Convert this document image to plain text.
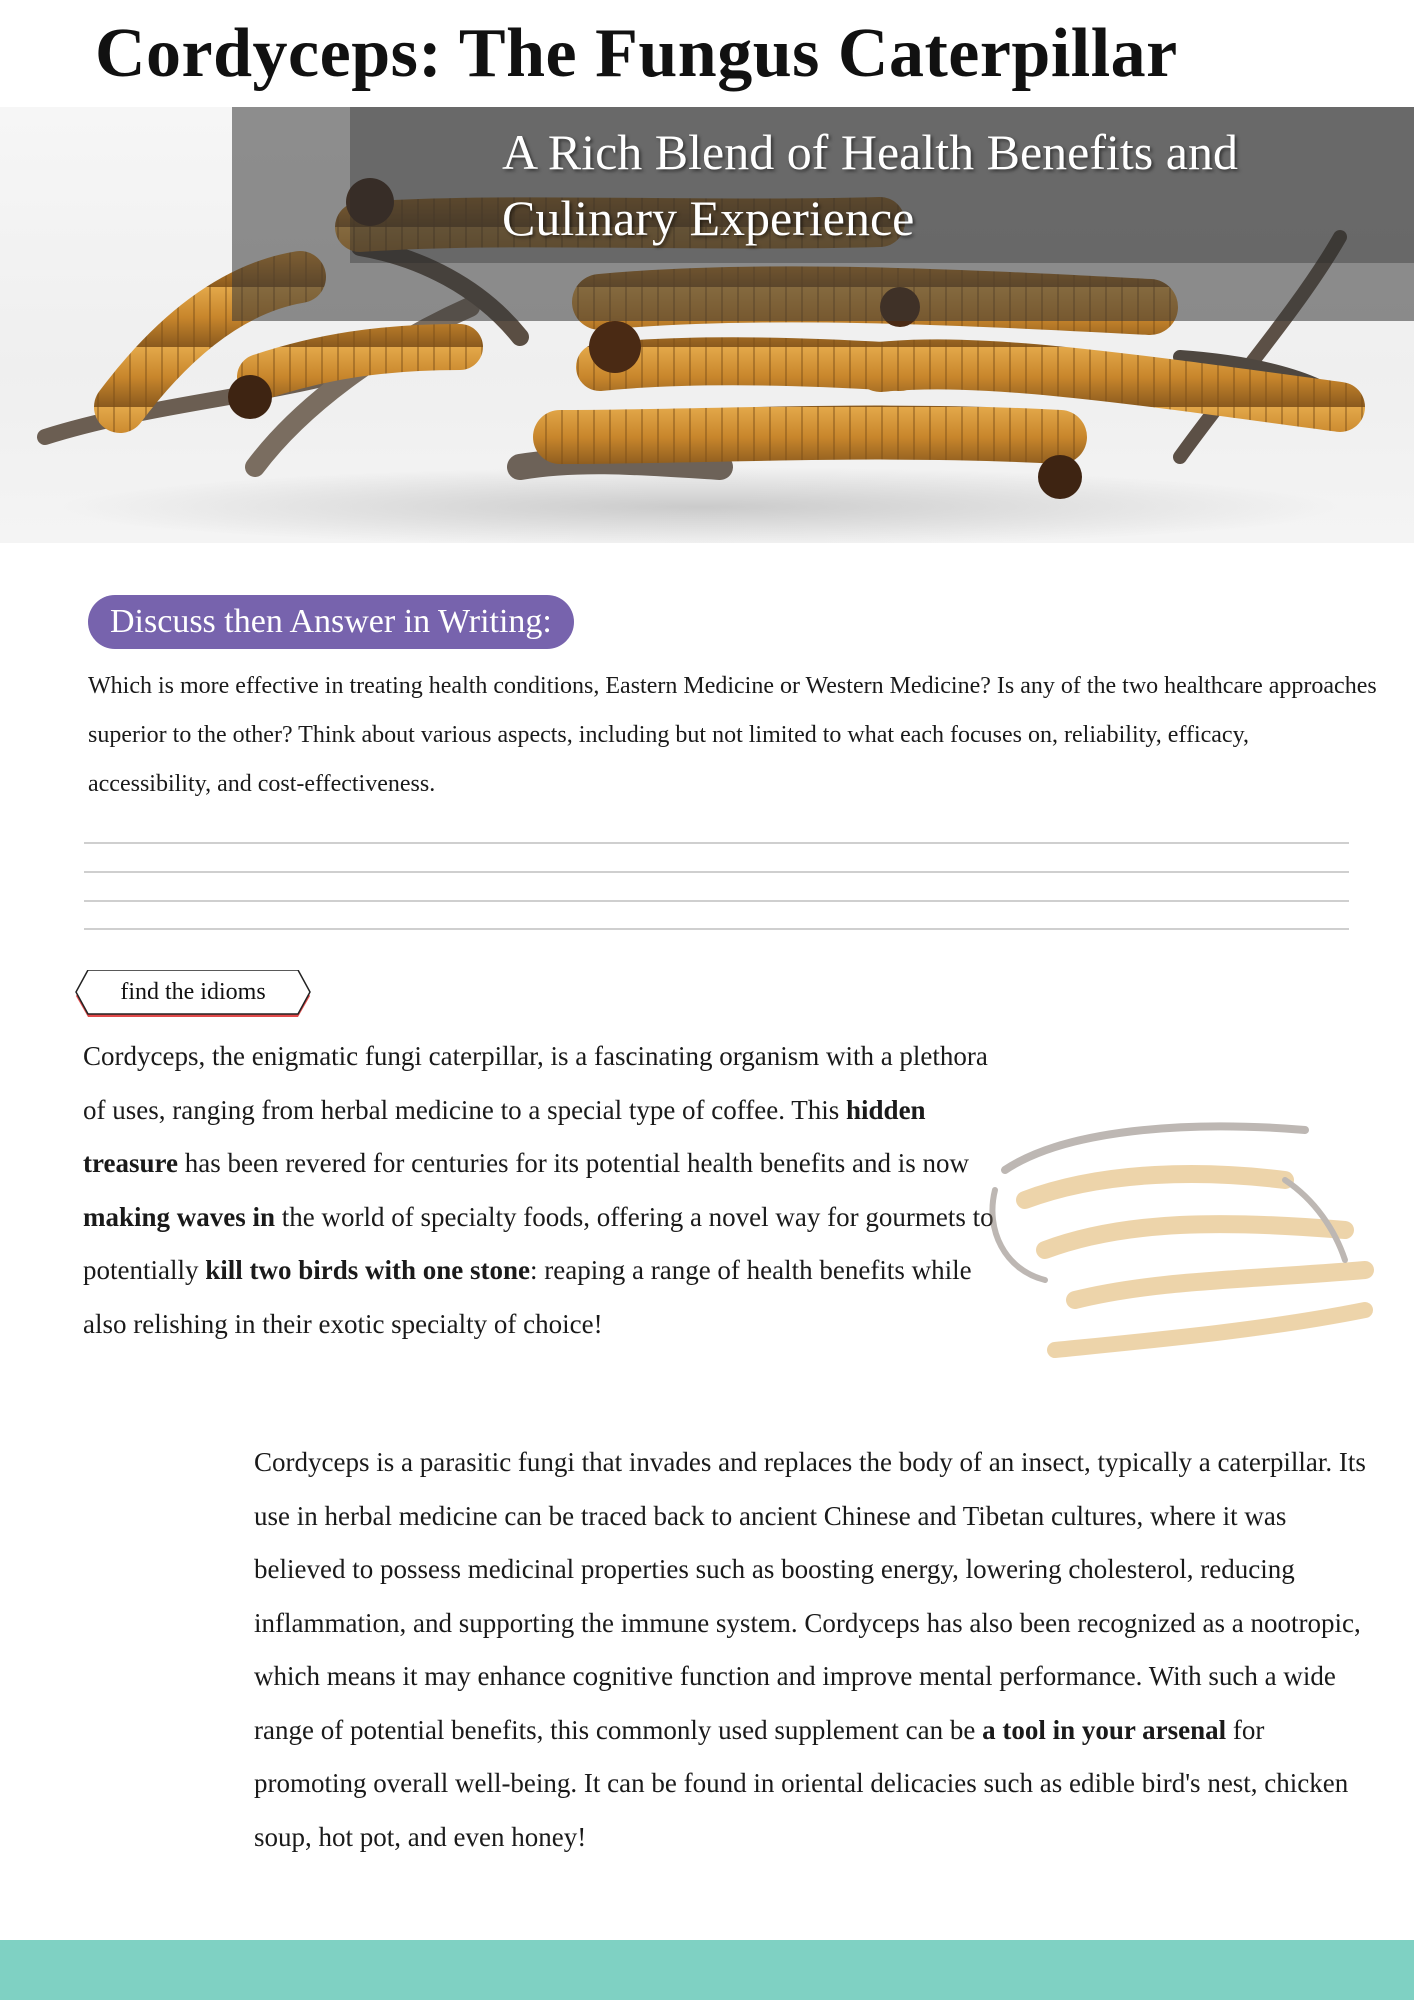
Cordyceps: The Fungus Caterpillar
A Rich Blend of Health Benefits and
Culinary Experience
Discuss then Answer in Writing:

Which is more effective in treating health conditions, Eastern Medicine or Western Medicine? Is any of the two healthcare approaches superior to the other? Think about various aspects, including but not limited to what each focuses on, reliability, efficacy, accessibility, and cost-effectiveness.

find the idioms

Cordyceps, the enigmatic fungi caterpillar, is a fascinating organism with a plethora of uses, ranging from herbal medicine to a special type of coffee. This hidden treasure has been revered for centuries for its potential health benefits and is now making waves in the world of specialty foods, offering a novel way for gourmets to potentially kill two birds with one stone: reaping a range of health benefits while also relishing in their exotic specialty of choice!

Cordyceps is a parasitic fungi that invades and replaces the body of an insect, typically a caterpillar. Its use in herbal medicine can be traced back to ancient Chinese and Tibetan cultures, where it was believed to possess medicinal properties such as boosting energy, lowering cholesterol, reducing inflammation, and supporting the immune system. Cordyceps has also been recognized as a nootropic, which means it may enhance cognitive function and improve mental performance. With such a wide range of potential benefits, this commonly used supplement can be a tool in your arsenal for promoting overall well-being. It can be found in oriental delicacies such as edible bird's nest, chicken soup, hot pot, and even honey!
